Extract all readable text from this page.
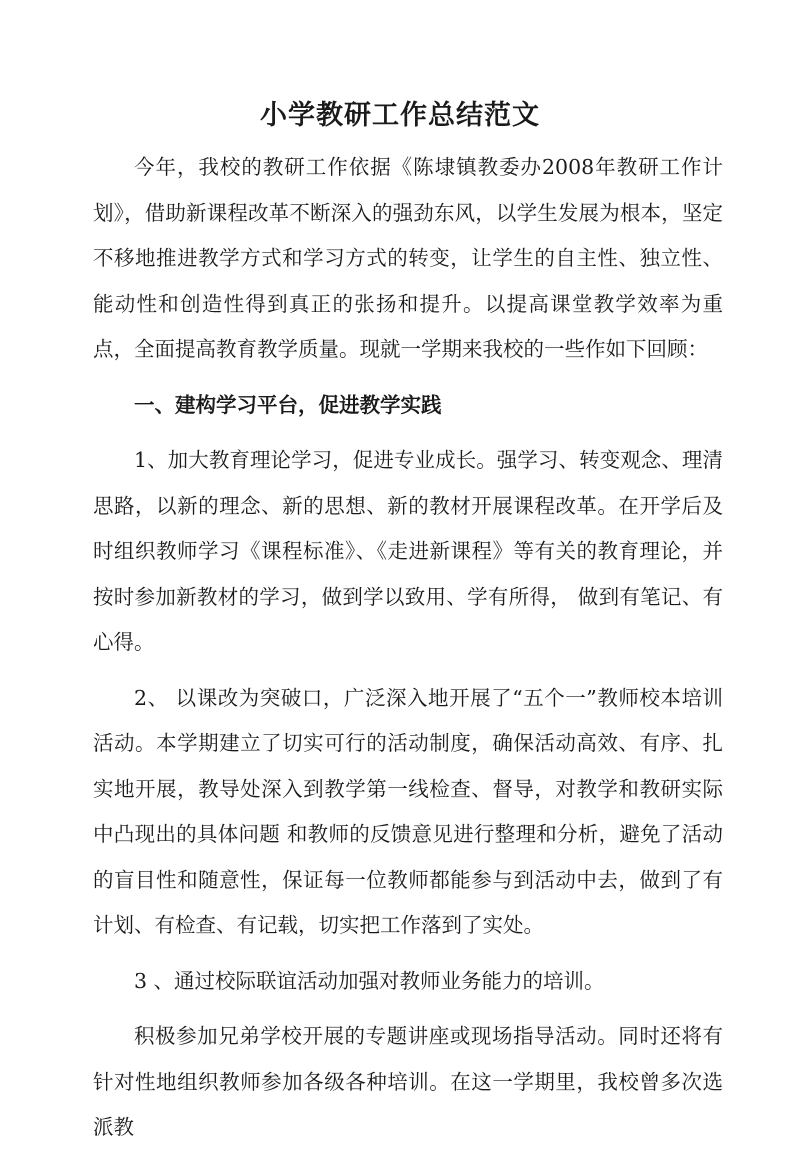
小学教研工作总结范文

今年，我校的教研工作依据《陈埭镇教委办2008年教研工作计划》，借助新课程改革不断深入的强劲东风，以学生发展为根本，坚定不移地推进教学方式和学习方式的转变，让学生的自主性、独立性、能动性和创造性得到真正的张扬和提升。以提高课堂教学效率为重点，全面提高教育教学质量。现就一学期来我校的一些作如下回顾：

一、建构学习平台，促进教学实践

1、加大教育理论学习，促进专业成长。强学习、转变观念、理清思路，以新的理念、新的思想、新的教材开展课程改革。在开学后及时组织教师学习《课程标准》、《走进新课程》等有关的教育理论，并按时参加新教材的学习，做到学以致用、学有所得， 做到有笔记、有心得。

2、 以课改为突破口，广泛深入地开展了“五个一”教师校本培训活动。本学期建立了切实可行的活动制度，确保活动高效、有序、扎实地开展，教导处深入到教学第一线检查、督导，对教学和教研实际中凸现出的具体问题 和教师的反馈意见进行整理和分析，避免了活动的盲目性和随意性，保证每一位教师都能参与到活动中去，做到了有计划、有检查、有记载，切实把工作落到了实处。

3 、通过校际联谊活动加强对教师业务能力的培训。

积极参加兄弟学校开展的专题讲座或现场指导活动。同时还将有针对性地组织教师参加各级各种培训。在这一学期里，我校曾多次选派教
